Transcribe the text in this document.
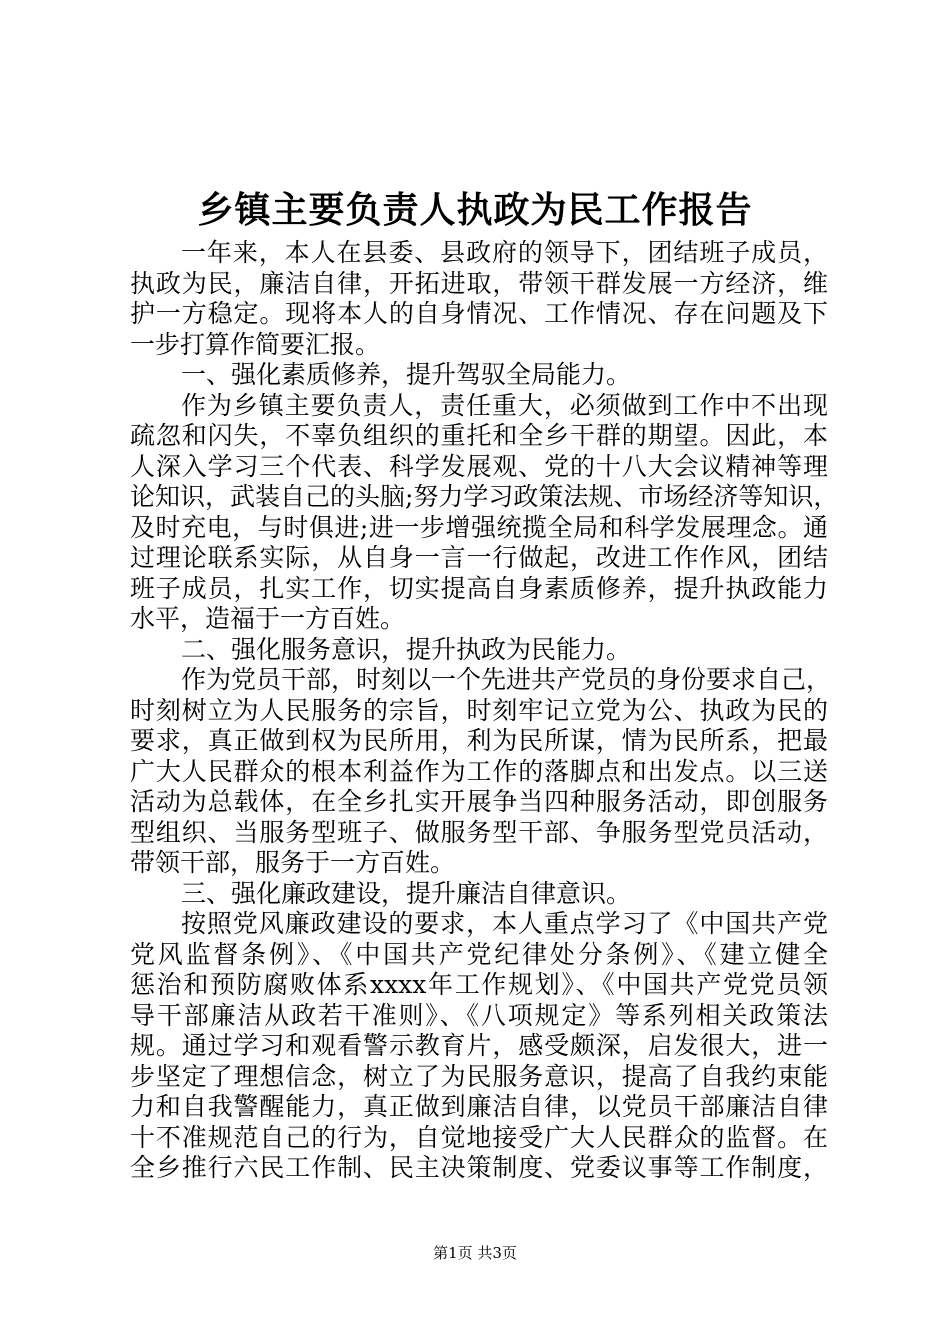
乡镇主要负责人执政为民工作报告
一年来，本人在县委、县政府的领导下，团结班子成员，
执政为民，廉洁自律，开拓进取，带领干群发展一方经济，维
护一方稳定。现将本人的自身情况、工作情况、存在问题及下
一步打算作简要汇报。
一、强化素质修养，提升驾驭全局能力。
作为乡镇主要负责人，责任重大，必须做到工作中不出现
疏忽和闪失，不辜负组织的重托和全乡干群的期望。因此，本
人深入学习三个代表、科学发展观、党的十八大会议精神等理
论知识，武装自己的头脑;努力学习政策法规、市场经济等知识，
及时充电，与时俱进;进一步增强统揽全局和科学发展理念。通
过理论联系实际，从自身一言一行做起，改进工作作风，团结
班子成员，扎实工作，切实提高自身素质修养，提升执政能力
水平，造福于一方百姓。
二、强化服务意识，提升执政为民能力。
作为党员干部，时刻以一个先进共产党员的身份要求自己，
时刻树立为人民服务的宗旨，时刻牢记立党为公、执政为民的
要求，真正做到权为民所用，利为民所谋，情为民所系，把最
广大人民群众的根本利益作为工作的落脚点和出发点。以三送
活动为总载体，在全乡扎实开展争当四种服务活动，即创服务
型组织、当服务型班子、做服务型干部、争服务型党员活动，
带领干部，服务于一方百姓。
三、强化廉政建设，提升廉洁自律意识。
按照党风廉政建设的要求，本人重点学习了《中国共产党
党风监督条例》、《中国共产党纪律处分条例》、《建立健全
惩治和预防腐败体系xxxx年工作规划》、《中国共产党党员领
导干部廉洁从政若干准则》、《八项规定》等系列相关政策法
规。通过学习和观看警示教育片，感受颇深，启发很大，进一
步坚定了理想信念，树立了为民服务意识，提高了自我约束能
力和自我警醒能力，真正做到廉洁自律，以党员干部廉洁自律
十不准规范自己的行为，自觉地接受广大人民群众的监督。在
全乡推行六民工作制、民主决策制度、党委议事等工作制度，
第1页 共3页
